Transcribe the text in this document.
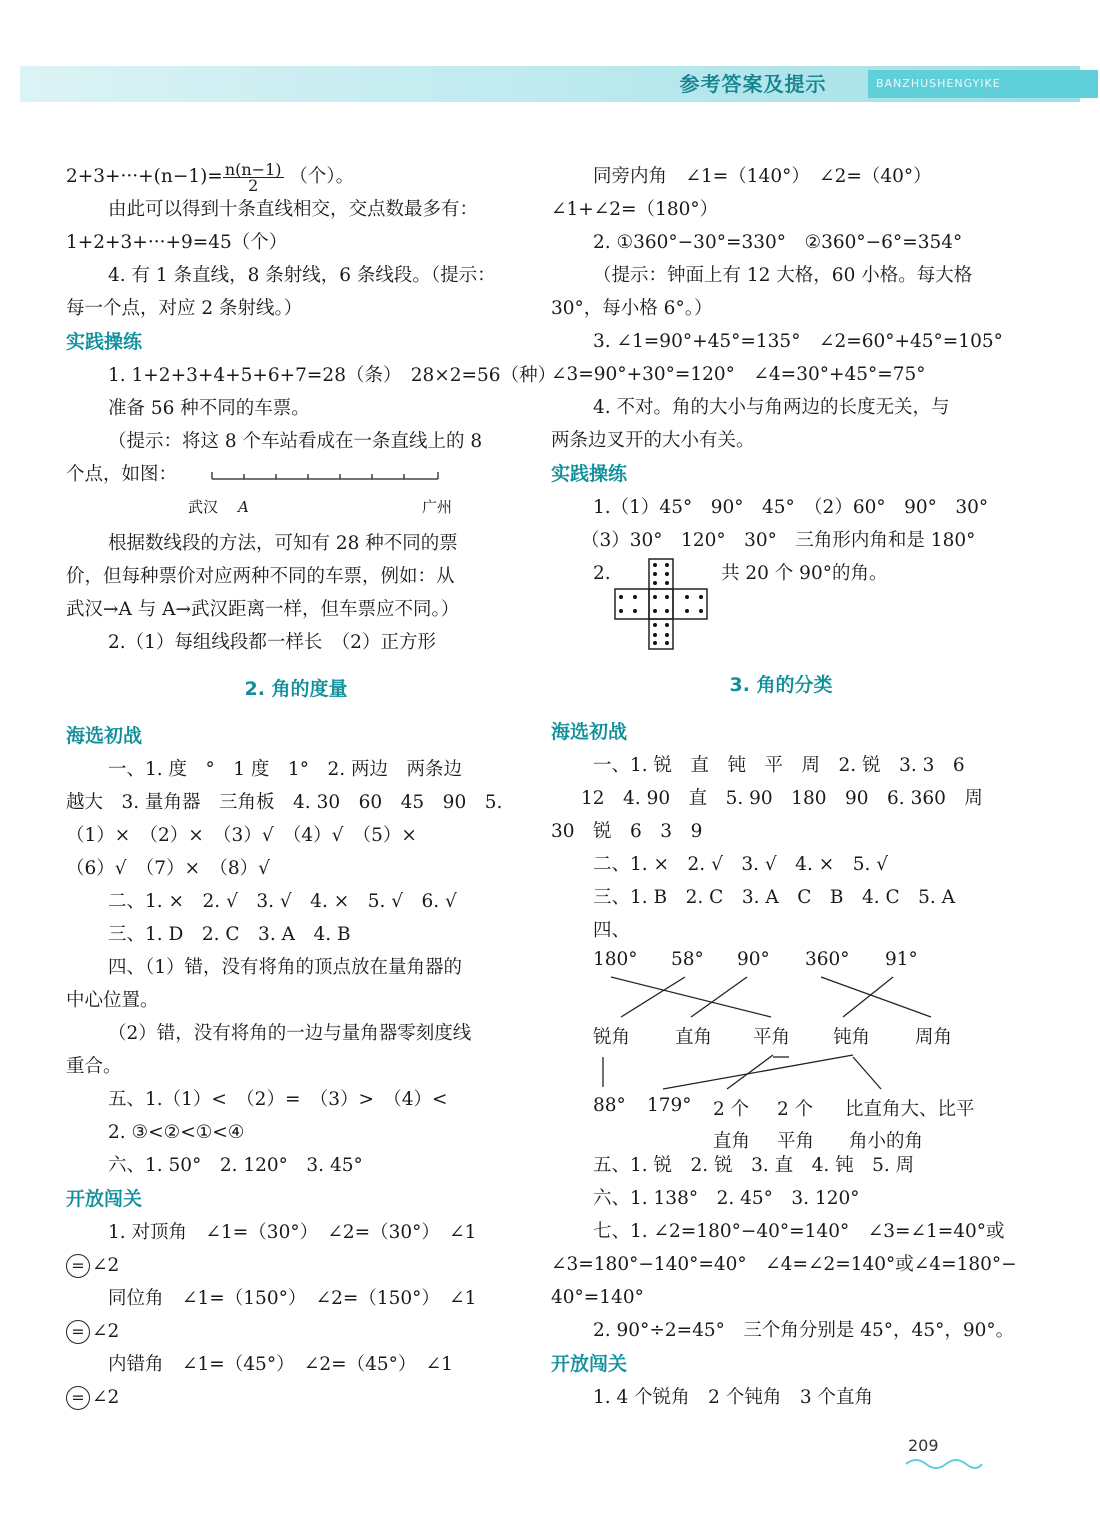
参考答案及提示	BANZHUSHENGYIKE
$2+3+\cdot\cdot\cdot+(n-1)= \frac{n(n-1)}{2}$ （个）。
由此可以得到十条直线相交，交点数最多有：
1+2+3+···+9=45（个）
4. 有 1 条直线，8 条射线，6 条线段。（提示：
每一个点，对应 2 条射线。）
实践操练
1. 1+2+3+4+5+6+7=28（条）　28×2=56（种）
准备 56 种不同的车票。
（提示：将这 8 个车站看成在一条直线上的 8
个点，如图：
武汉 A	广州
根据数线段的方法，可知有 28 种不同的票
价，但每种票价对应两种不同的车票，例如：从
武汉→A 与 A→武汉距离一样，但车票应不同。）
2.（1）每组线段都一样长　（2）正方形
2. 角的度量
海选初战
一、1. 度　°　1 度　1°　2. 两边　两条边
越大　3. 量角器　三角板　4. 30　60　45　90　5.
（1）×　（2）×　（3）√　（4）√　（5）×
（6）√　（7）×　（8）√
二、1. ×　2. √　3. √　4. ×　5. √　6. √
三、1. D　2. C　3. A　4. B
四、（1）错，没有将角的顶点放在量角器的
中心位置。
（2）错，没有将角的一边与量角器零刻度线
重合。
五、1.（1）<　（2）=　（3）>　（4）<
2. ③<②<①<④
六、1. 50°　2. 120°　3. 45°
开放闯关
1. 对顶角　∠1=（30°）　∠2=（30°）　∠1
= ∠2
同位角　∠1=（150°）　∠2=（150°）　∠1
= ∠2
内错角　∠1=（45°）　∠2=（45°）　∠1
= ∠2
同旁内角　∠1=（140°）　∠2=（40°）
∠1+∠2=（180°）
2. ①360°−30°=330°　②360°−6°=354°
（提示：钟面上有 12 大格，60 小格。每大格
30°，每小格 6°。）
3. ∠1=90°+45°=135°　∠2=60°+45°=105°
∠3=90°+30°=120°　∠4=30°+45°=75°
4. 不对。角的大小与角两边的长度无关，与
两条边叉开的大小有关。
实践操练
1.（1）45°　90°　45°　（2）60°　90°　30°
（3）30°　120°　30°　三角形内角和是 180°
2.	共 20 个 90°的角。
3. 角的分类
海选初战
一、1. 锐　直　钝　平　周　2. 锐　3. 3　6
12　4. 90　直　5. 90　180　90　6. 360　周
30　锐　6　3　9
二、1. ×　2. √　3. √　4. ×　5. √
三、1. B　2. C　3. A　C　B　4. C　5. A
四、
180° 58° 90° 360° 91°
锐角 直角 平角 钝角 周角
88° 179° 2 个 2 个 比直角大、比平
直角 平角 角小的角
五、1. 锐　2. 锐　3. 直　4. 钝　5. 周
六、1. 138°　2. 45°　3. 120°
七、1. ∠2=180°−40°=140°　∠3=∠1=40°或
∠3=180°−140°=40°　∠4=∠2=140°或∠4=180°−
40°=140°
2. 90°÷2=45°　三个角分别是 45°，45°，90°。
开放闯关
1. 4 个锐角　2 个钝角　3 个直角
209
